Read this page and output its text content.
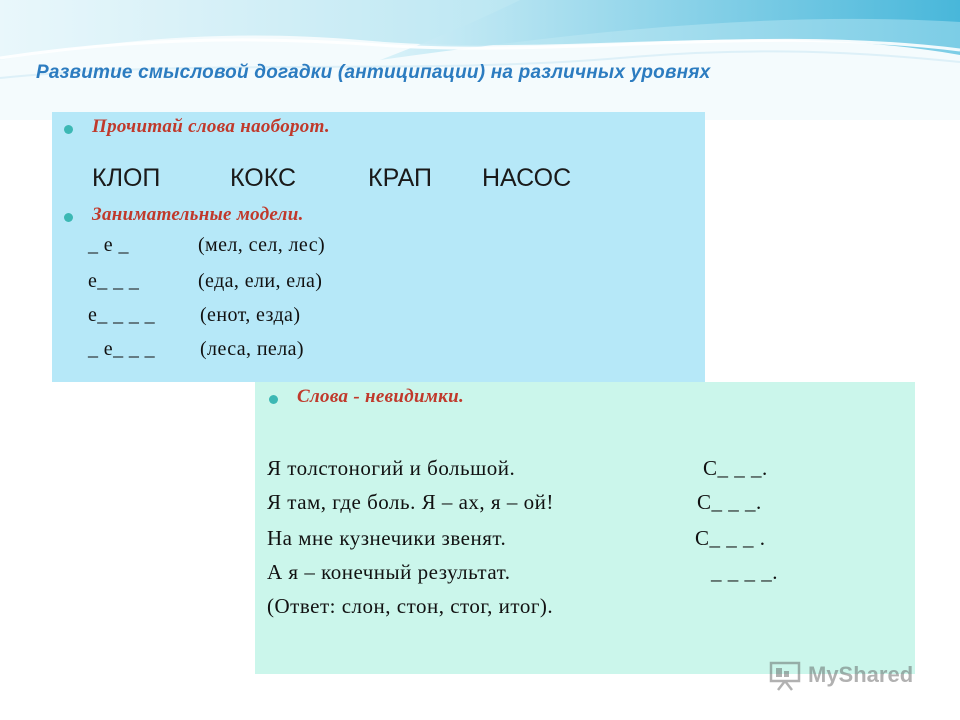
Развитие смысловой догадки (антиципации) на различных уровнях
Прочитай слова наоборот.
КЛОП	КОКС	КРАП НАСОС
Занимательные модели.
_ е _	(мел, сел, лес)
е_ _ _	(еда, ели, ела)
е_ _ _ _ (енот, езда)
_ е_ _ _ (леса, пела)
Слова - невидимки.
Я толстоногий и большой.	С_ _ _.
Я там, где боль. Я – ах, я – ой!	С_ _ _.
На мне кузнечики звенят.	С_ _ _ .
А я – конечный результат.	_ _ _ _.
(Ответ: слон, стон, стог, итог).
MyShared
